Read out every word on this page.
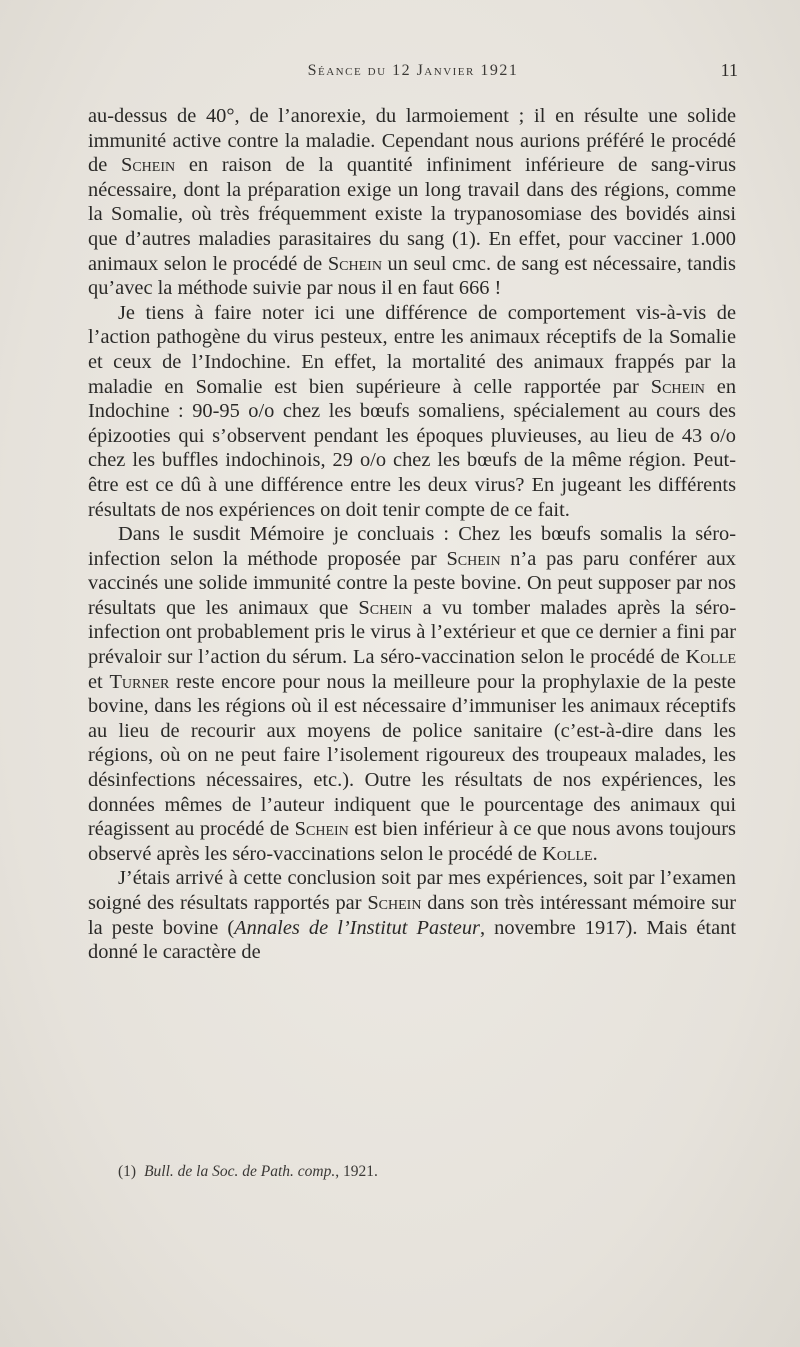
Séance du 12 Janvier 1921	11

au-dessus de 40°, de l’anorexie, du larmoiement ; il en résulte une solide immunité active contre la maladie. Cependant nous aurions préféré le procédé de Schein en raison de la quantité infiniment inférieure de sang-virus nécessaire, dont la préparation exige un long travail dans des régions, comme la Somalie, où très fréquemment existe la trypanosomiase des bovidés ainsi que d’autres maladies parasitaires du sang (1). En effet, pour vacciner 1.000 animaux selon le procédé de Schein un seul cmc. de sang est nécessaire, tandis qu’avec la méthode suivie par nous il en faut 666 !

Je tiens à faire noter ici une différence de comportement vis-à-vis de l’action pathogène du virus pesteux, entre les animaux réceptifs de la Somalie et ceux de l’Indochine. En effet, la mortalité des animaux frappés par la maladie en Somalie est bien supérieure à celle rapportée par Schein en Indochine : 90-95 o/o chez les bœufs somaliens, spécialement au cours des épizooties qui s’observent pendant les époques pluvieuses, au lieu de 43 o/o chez les buffles indochinois, 29 o/o chez les bœufs de la même région. Peut-être est ce dû à une différence entre les deux virus? En jugeant les différents résultats de nos expériences on doit tenir compte de ce fait.

Dans le susdit Mémoire je concluais : Chez les bœufs somalis la séro-infection selon la méthode proposée par Schein n’a pas paru conférer aux vaccinés une solide immunité contre la peste bovine. On peut supposer par nos résultats que les animaux que Schein a vu tomber malades après la séro-infection ont probablement pris le virus à l’extérieur et que ce dernier a fini par prévaloir sur l’action du sérum. La séro-vaccination selon le procédé de Kolle et Turner reste encore pour nous la meilleure pour la prophylaxie de la peste bovine, dans les régions où il est nécessaire d’immuniser les animaux réceptifs au lieu de recourir aux moyens de police sanitaire (c’est-à-dire dans les régions, où on ne peut faire l’isolement rigoureux des troupeaux malades, les désinfections nécessaires, etc.). Outre les résultats de nos expériences, les données mêmes de l’auteur indiquent que le pourcentage des animaux qui réagissent au procédé de Schein est bien inférieur à ce que nous avons toujours observé après les séro-vaccinations selon le procédé de Kolle.

J’étais arrivé à cette conclusion soit par mes expériences, soit par l’examen soigné des résultats rapportés par Schein dans son très intéressant mémoire sur la peste bovine (Annales de l’Institut Pasteur, novembre 1917). Mais étant donné le caractère de

(1) Bull. de la Soc. de Path. comp., 1921.
